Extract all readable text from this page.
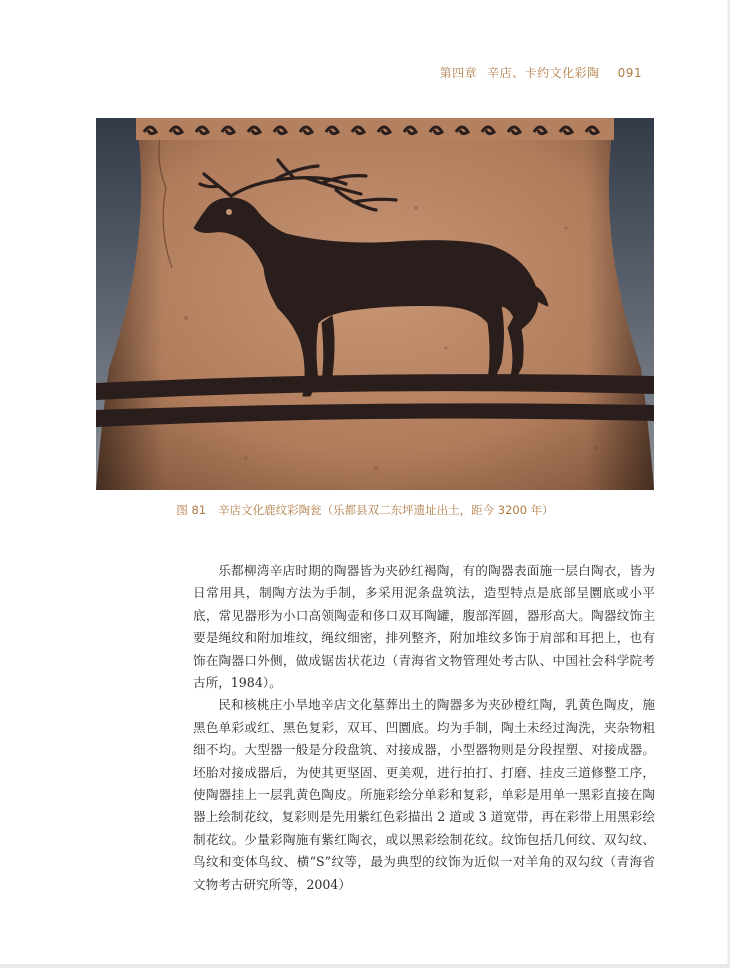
第四章 辛店、卡约文化彩陶 091
图 81 辛店文化鹿纹彩陶瓮（乐都县双二东坪遗址出土，距今 3200 年）

乐都柳湾辛店时期的陶器皆为夹砂红褐陶，有的陶器表面施一层白陶衣，皆为日常用具，制陶方法为手制，多采用泥条盘筑法，造型特点是底部呈圜底或小平底，常见器形为小口高领陶壶和侈口双耳陶罐，腹部浑圆，器形高大。陶器纹饰主要是绳纹和附加堆纹，绳纹细密，排列整齐，附加堆纹多饰于肩部和耳把上，也有饰在陶器口外侧，做成锯齿状花边（青海省文物管理处考古队、中国社会科学院考古所，1984）。

民和核桃庄小旱地辛店文化墓葬出土的陶器多为夹砂橙红陶，乳黄色陶皮，施黑色单彩或红、黑色复彩，双耳、凹圜底。均为手制，陶土未经过淘洗，夹杂物粗细不均。大型器一般是分段盘筑、对接成器，小型器物则是分段捏塑、对接成器。坯胎对接成器后，为使其更坚固、更美观，进行拍打、打磨、挂皮三道修整工序，使陶器挂上一层乳黄色陶皮。所施彩绘分单彩和复彩，单彩是用单一黑彩直接在陶器上绘制花纹，复彩则是先用紫红色彩描出 2 道或 3 道宽带，再在彩带上用黑彩绘制花纹。少量彩陶施有紫红陶衣，或以黑彩绘制花纹。纹饰包括几何纹、双勾纹、鸟纹和变体鸟纹、横“S”纹等，最为典型的纹饰为近似一对羊角的双勾纹（青海省文物考古研究所等，2004）
